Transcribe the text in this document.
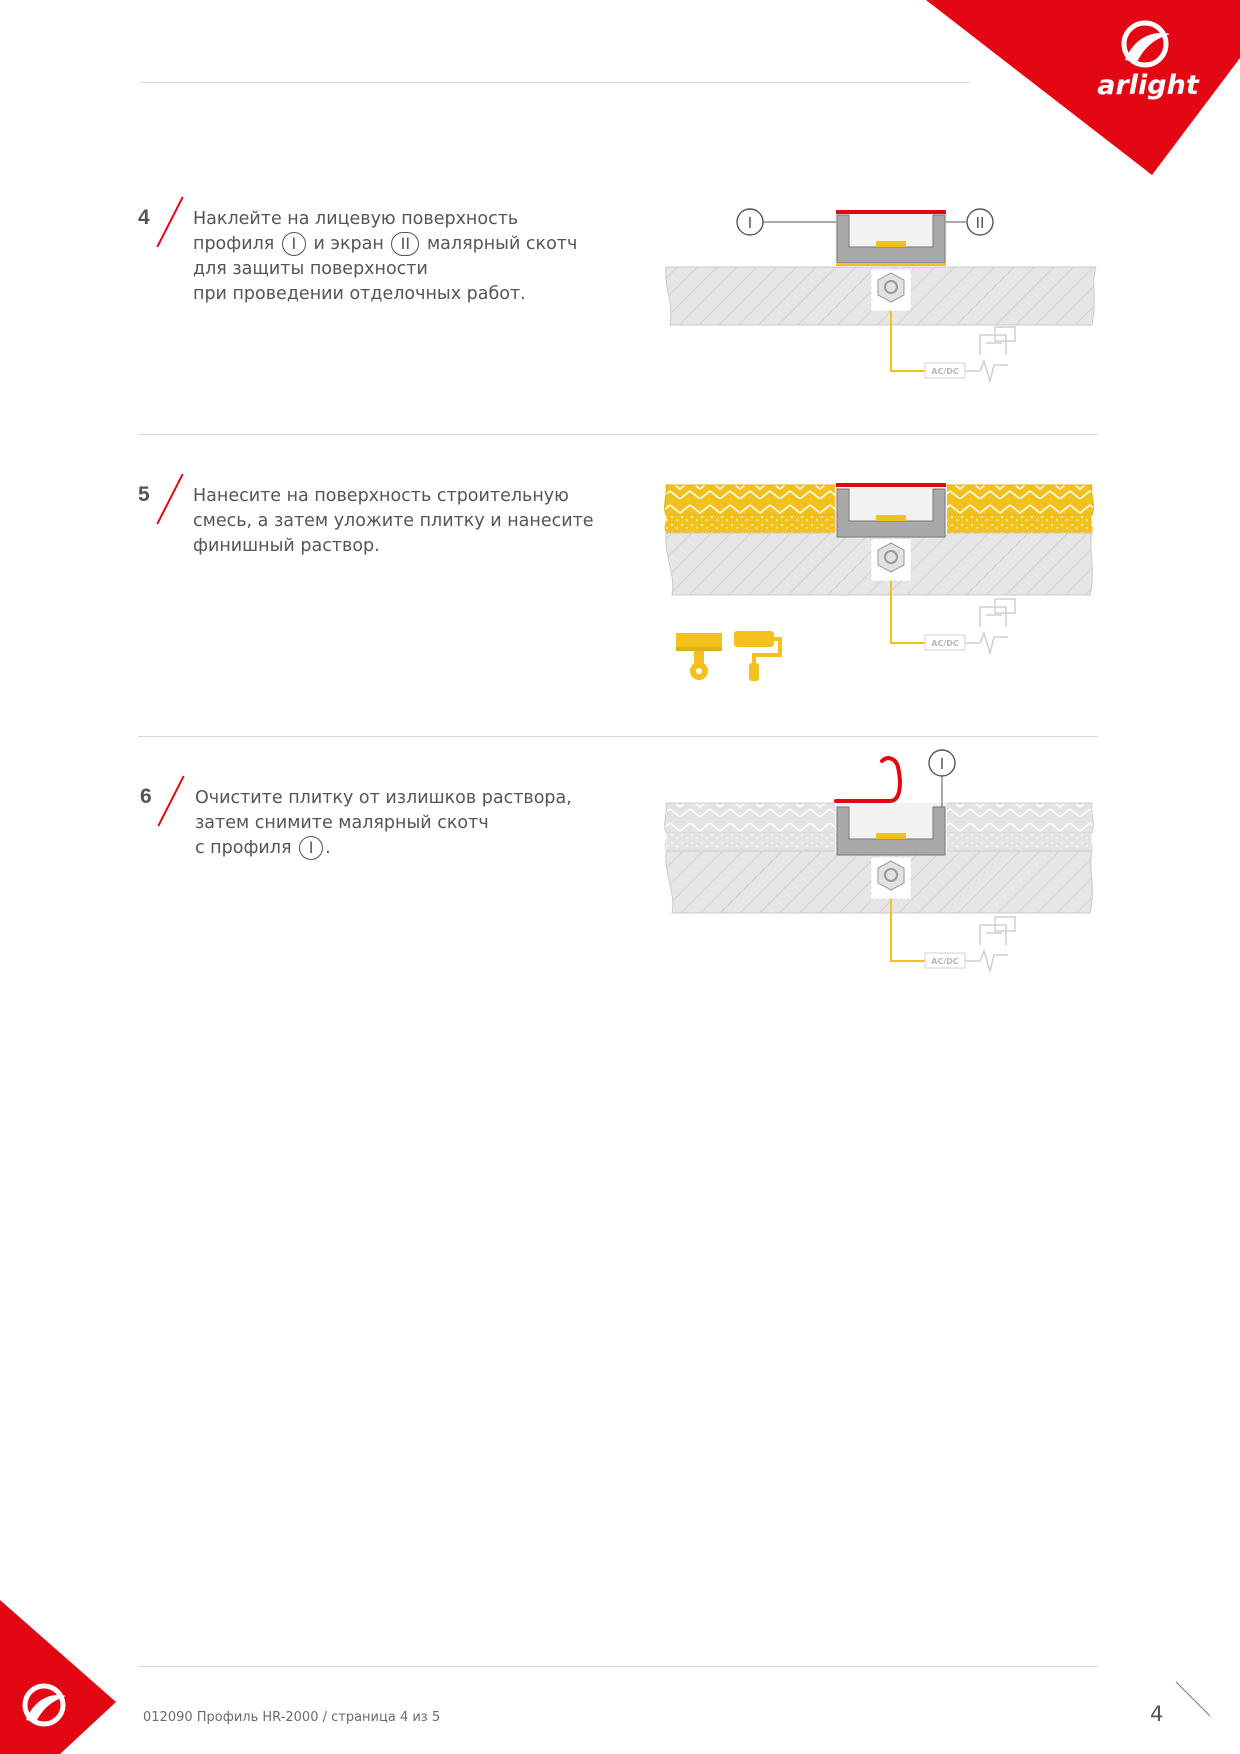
arlight
4 Наклейте на лицевую поверхность
профиля I и экран II малярный скотч
для защиты поверхности
при проведении отделочных работ.
AC/DC
I	II
5 Нанесите на поверхность строительную
смесь, а затем уложите плитку и нанесите
финишный раствор.
AC/DC
6 Очистите плитку от излишков раствора,
затем снимите малярный скотч
с профиля I .
AC/DC
I
012090 Профиль HR-2000 / страница 4 из 5	4
